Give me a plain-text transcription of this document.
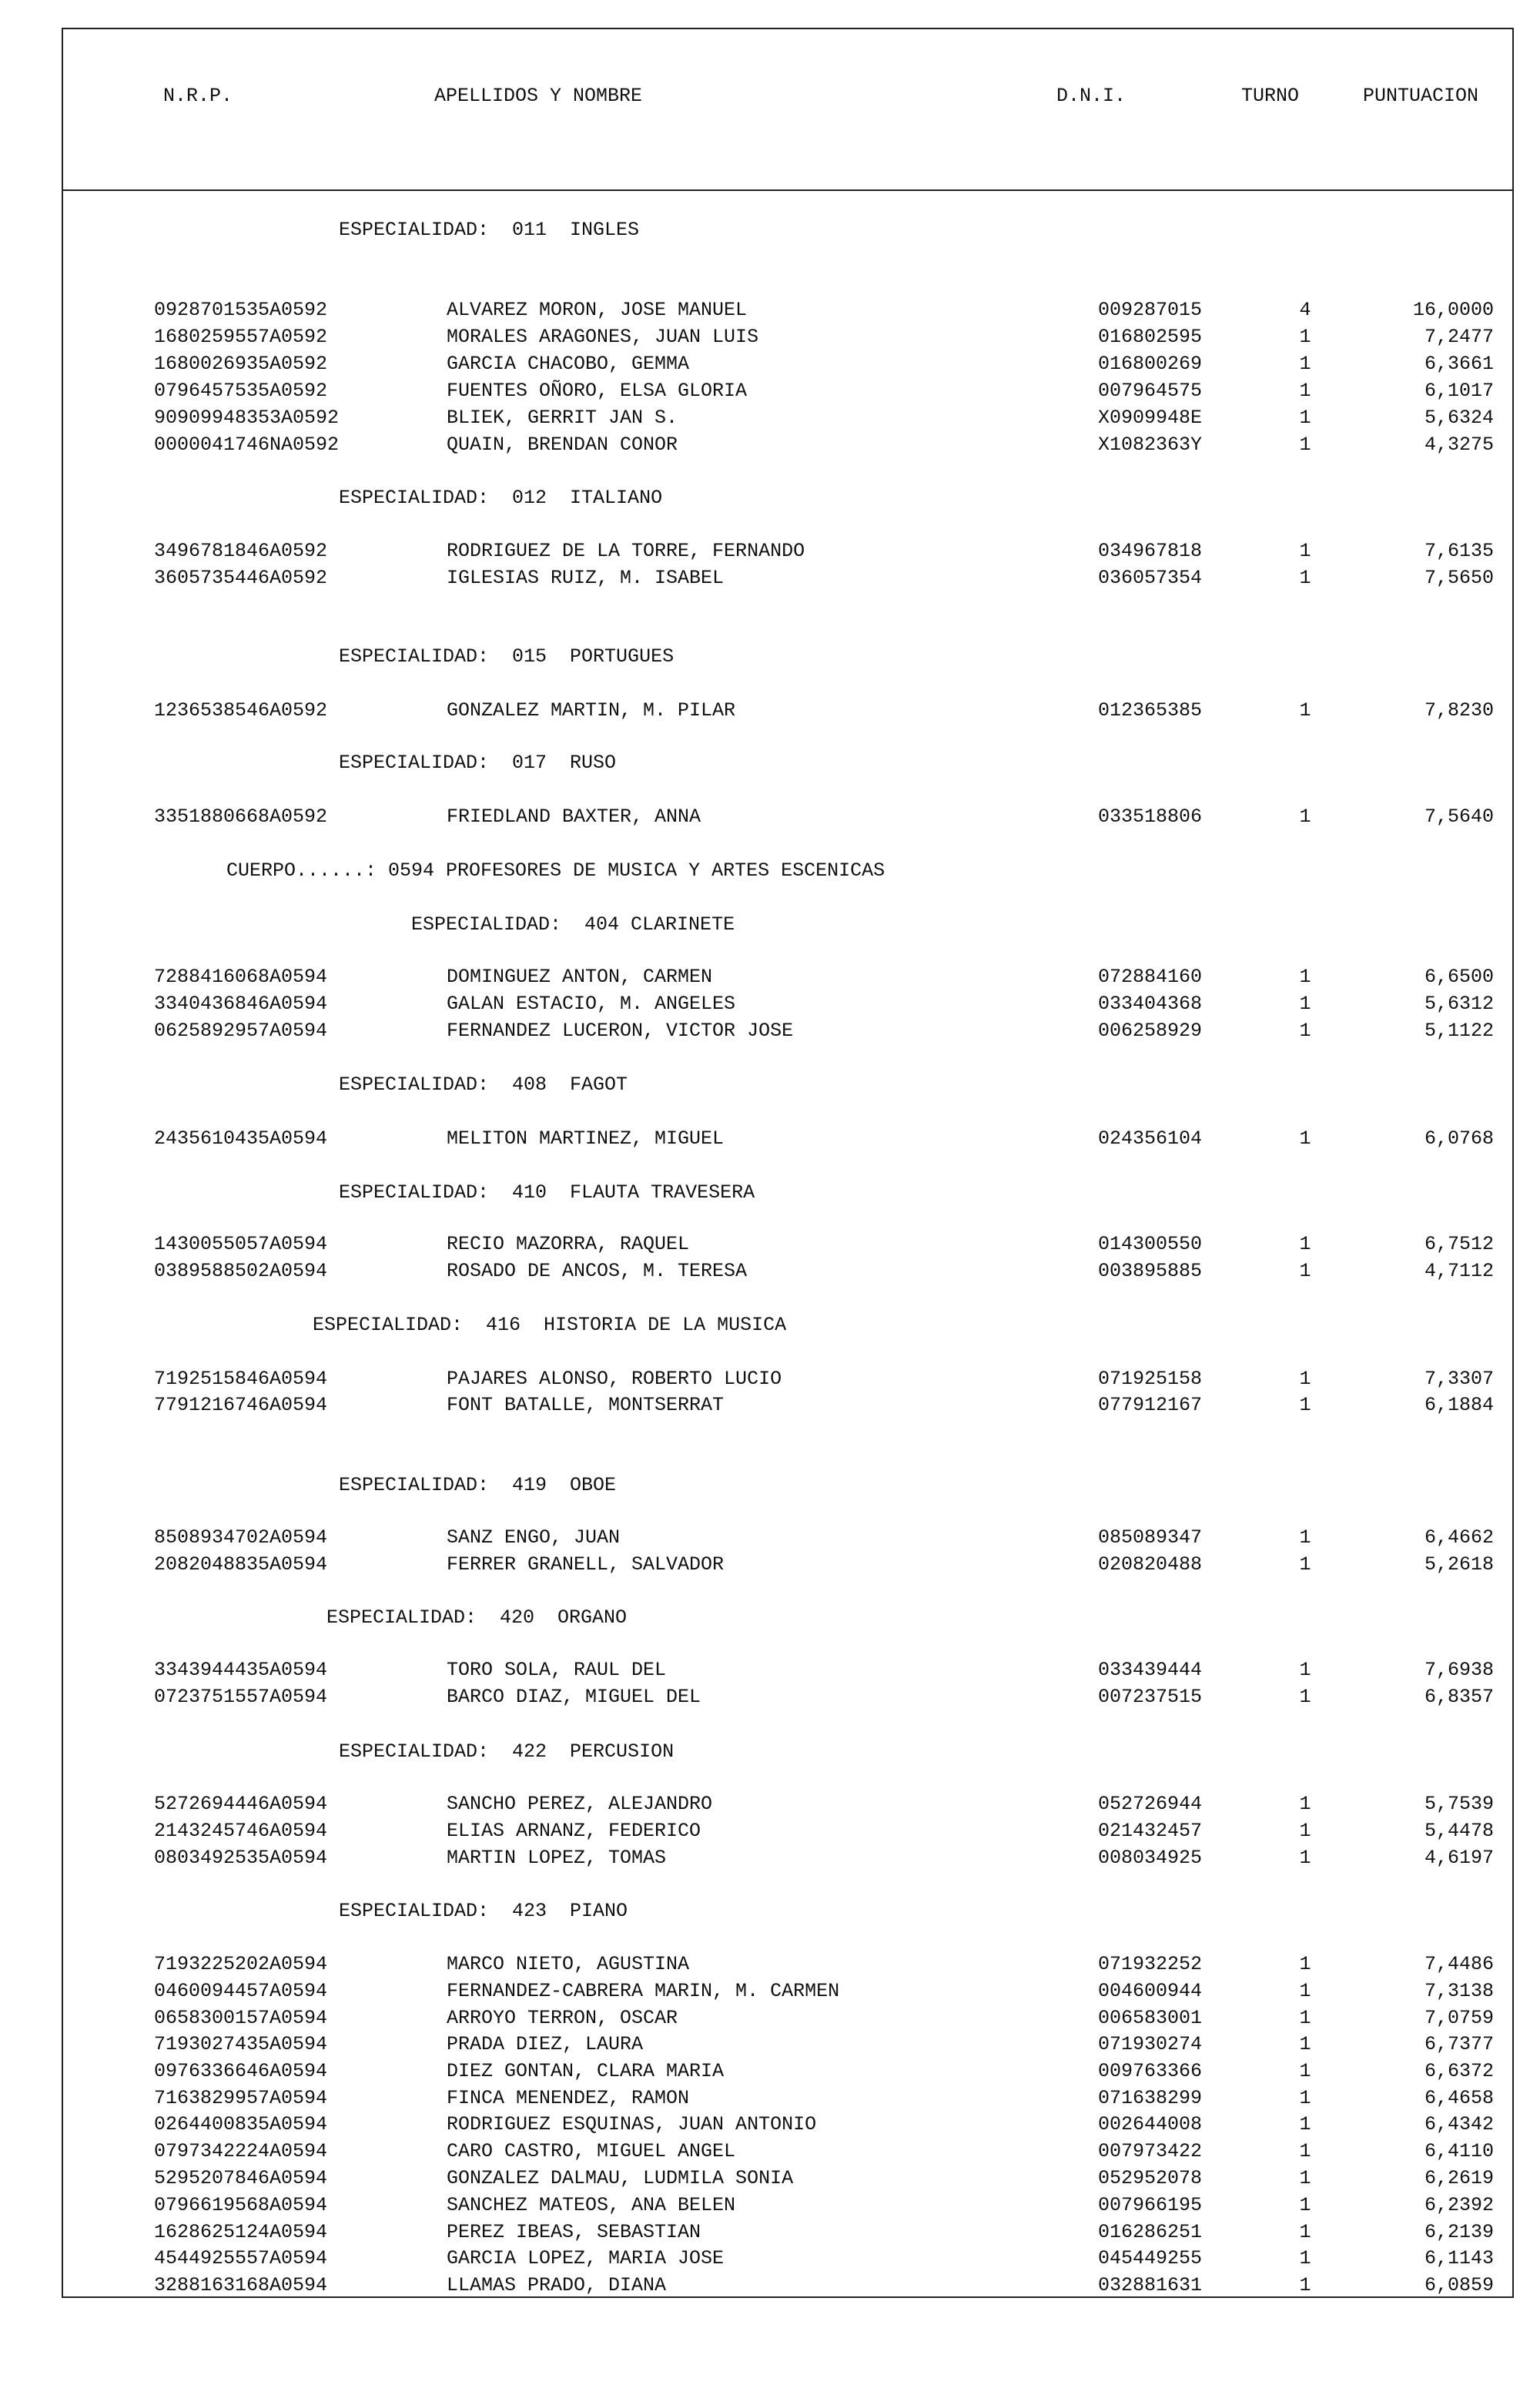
N.R.P.	APELLIDOS Y NOMBRE	D.N.I.	TURNO	PUNTUACION
ESPECIALIDAD:  011  INGLES
0928701535A0592	ALVAREZ MORON, JOSE MANUEL	009287015	4	16,0000
1680259557A0592	MORALES ARAGONES, JUAN LUIS	016802595	1	7,2477
1680026935A0592	GARCIA CHACOBO, GEMMA	016800269	1	6,3661
0796457535A0592	FUENTES OÑORO, ELSA GLORIA	007964575	1	6,1017
90909948353A0592	BLIEK, GERRIT JAN S.	X0909948E	1	5,6324
0000041746NA0592	QUAIN, BRENDAN CONOR	X1082363Y	1	4,3275
ESPECIALIDAD:  012  ITALIANO
3496781846A0592	RODRIGUEZ DE LA TORRE, FERNANDO	034967818	1	7,6135
3605735446A0592	IGLESIAS RUIZ, M. ISABEL	036057354	1	7,5650
ESPECIALIDAD:  015  PORTUGUES
1236538546A0592	GONZALEZ MARTIN, M. PILAR	012365385	1	7,8230
ESPECIALIDAD:  017  RUSO
3351880668A0592	FRIEDLAND BAXTER, ANNA	033518806	1	7,5640
CUERPO......: 0594 PROFESORES DE MUSICA Y ARTES ESCENICAS
ESPECIALIDAD:  404 CLARINETE
7288416068A0594	DOMINGUEZ ANTON, CARMEN	072884160	1	6,6500
3340436846A0594	GALAN ESTACIO, M. ANGELES	033404368	1	5,6312
0625892957A0594	FERNANDEZ LUCERON, VICTOR JOSE	006258929	1	5,1122
ESPECIALIDAD:  408  FAGOT
2435610435A0594	MELITON MARTINEZ, MIGUEL	024356104	1	6,0768
ESPECIALIDAD:  410  FLAUTA TRAVESERA
1430055057A0594	RECIO MAZORRA, RAQUEL	014300550	1	6,7512
0389588502A0594	ROSADO DE ANCOS, M. TERESA	003895885	1	4,7112
ESPECIALIDAD:  416  HISTORIA DE LA MUSICA
7192515846A0594	PAJARES ALONSO, ROBERTO LUCIO	071925158	1	7,3307
7791216746A0594	FONT BATALLE, MONTSERRAT	077912167	1	6,1884
ESPECIALIDAD:  419  OBOE
8508934702A0594	SANZ ENGO, JUAN	085089347	1	6,4662
2082048835A0594	FERRER GRANELL, SALVADOR	020820488	1	5,2618
ESPECIALIDAD:  420  ORGANO
3343944435A0594	TORO SOLA, RAUL DEL	033439444	1	7,6938
0723751557A0594	BARCO DIAZ, MIGUEL DEL	007237515	1	6,8357
ESPECIALIDAD:  422  PERCUSION
5272694446A0594	SANCHO PEREZ, ALEJANDRO	052726944	1	5,7539
2143245746A0594	ELIAS ARNANZ, FEDERICO	021432457	1	5,4478
0803492535A0594	MARTIN LOPEZ, TOMAS	008034925	1	4,6197
ESPECIALIDAD:  423  PIANO
7193225202A0594	MARCO NIETO, AGUSTINA	071932252	1	7,4486
0460094457A0594	FERNANDEZ-CABRERA MARIN, M. CARMEN	004600944	1	7,3138
0658300157A0594	ARROYO TERRON, OSCAR	006583001	1	7,0759
7193027435A0594	PRADA DIEZ, LAURA	071930274	1	6,7377
0976336646A0594	DIEZ GONTAN, CLARA MARIA	009763366	1	6,6372
7163829957A0594	FINCA MENENDEZ, RAMON	071638299	1	6,4658
0264400835A0594	RODRIGUEZ ESQUINAS, JUAN ANTONIO	002644008	1	6,4342
0797342224A0594	CARO CASTRO, MIGUEL ANGEL	007973422	1	6,4110
5295207846A0594	GONZALEZ DALMAU, LUDMILA SONIA	052952078	1	6,2619
0796619568A0594	SANCHEZ MATEOS, ANA BELEN	007966195	1	6,2392
1628625124A0594	PEREZ IBEAS, SEBASTIAN	016286251	1	6,2139
4544925557A0594	GARCIA LOPEZ, MARIA JOSE	045449255	1	6,1143
3288163168A0594	LLAMAS PRADO, DIANA	032881631	1	6,0859
